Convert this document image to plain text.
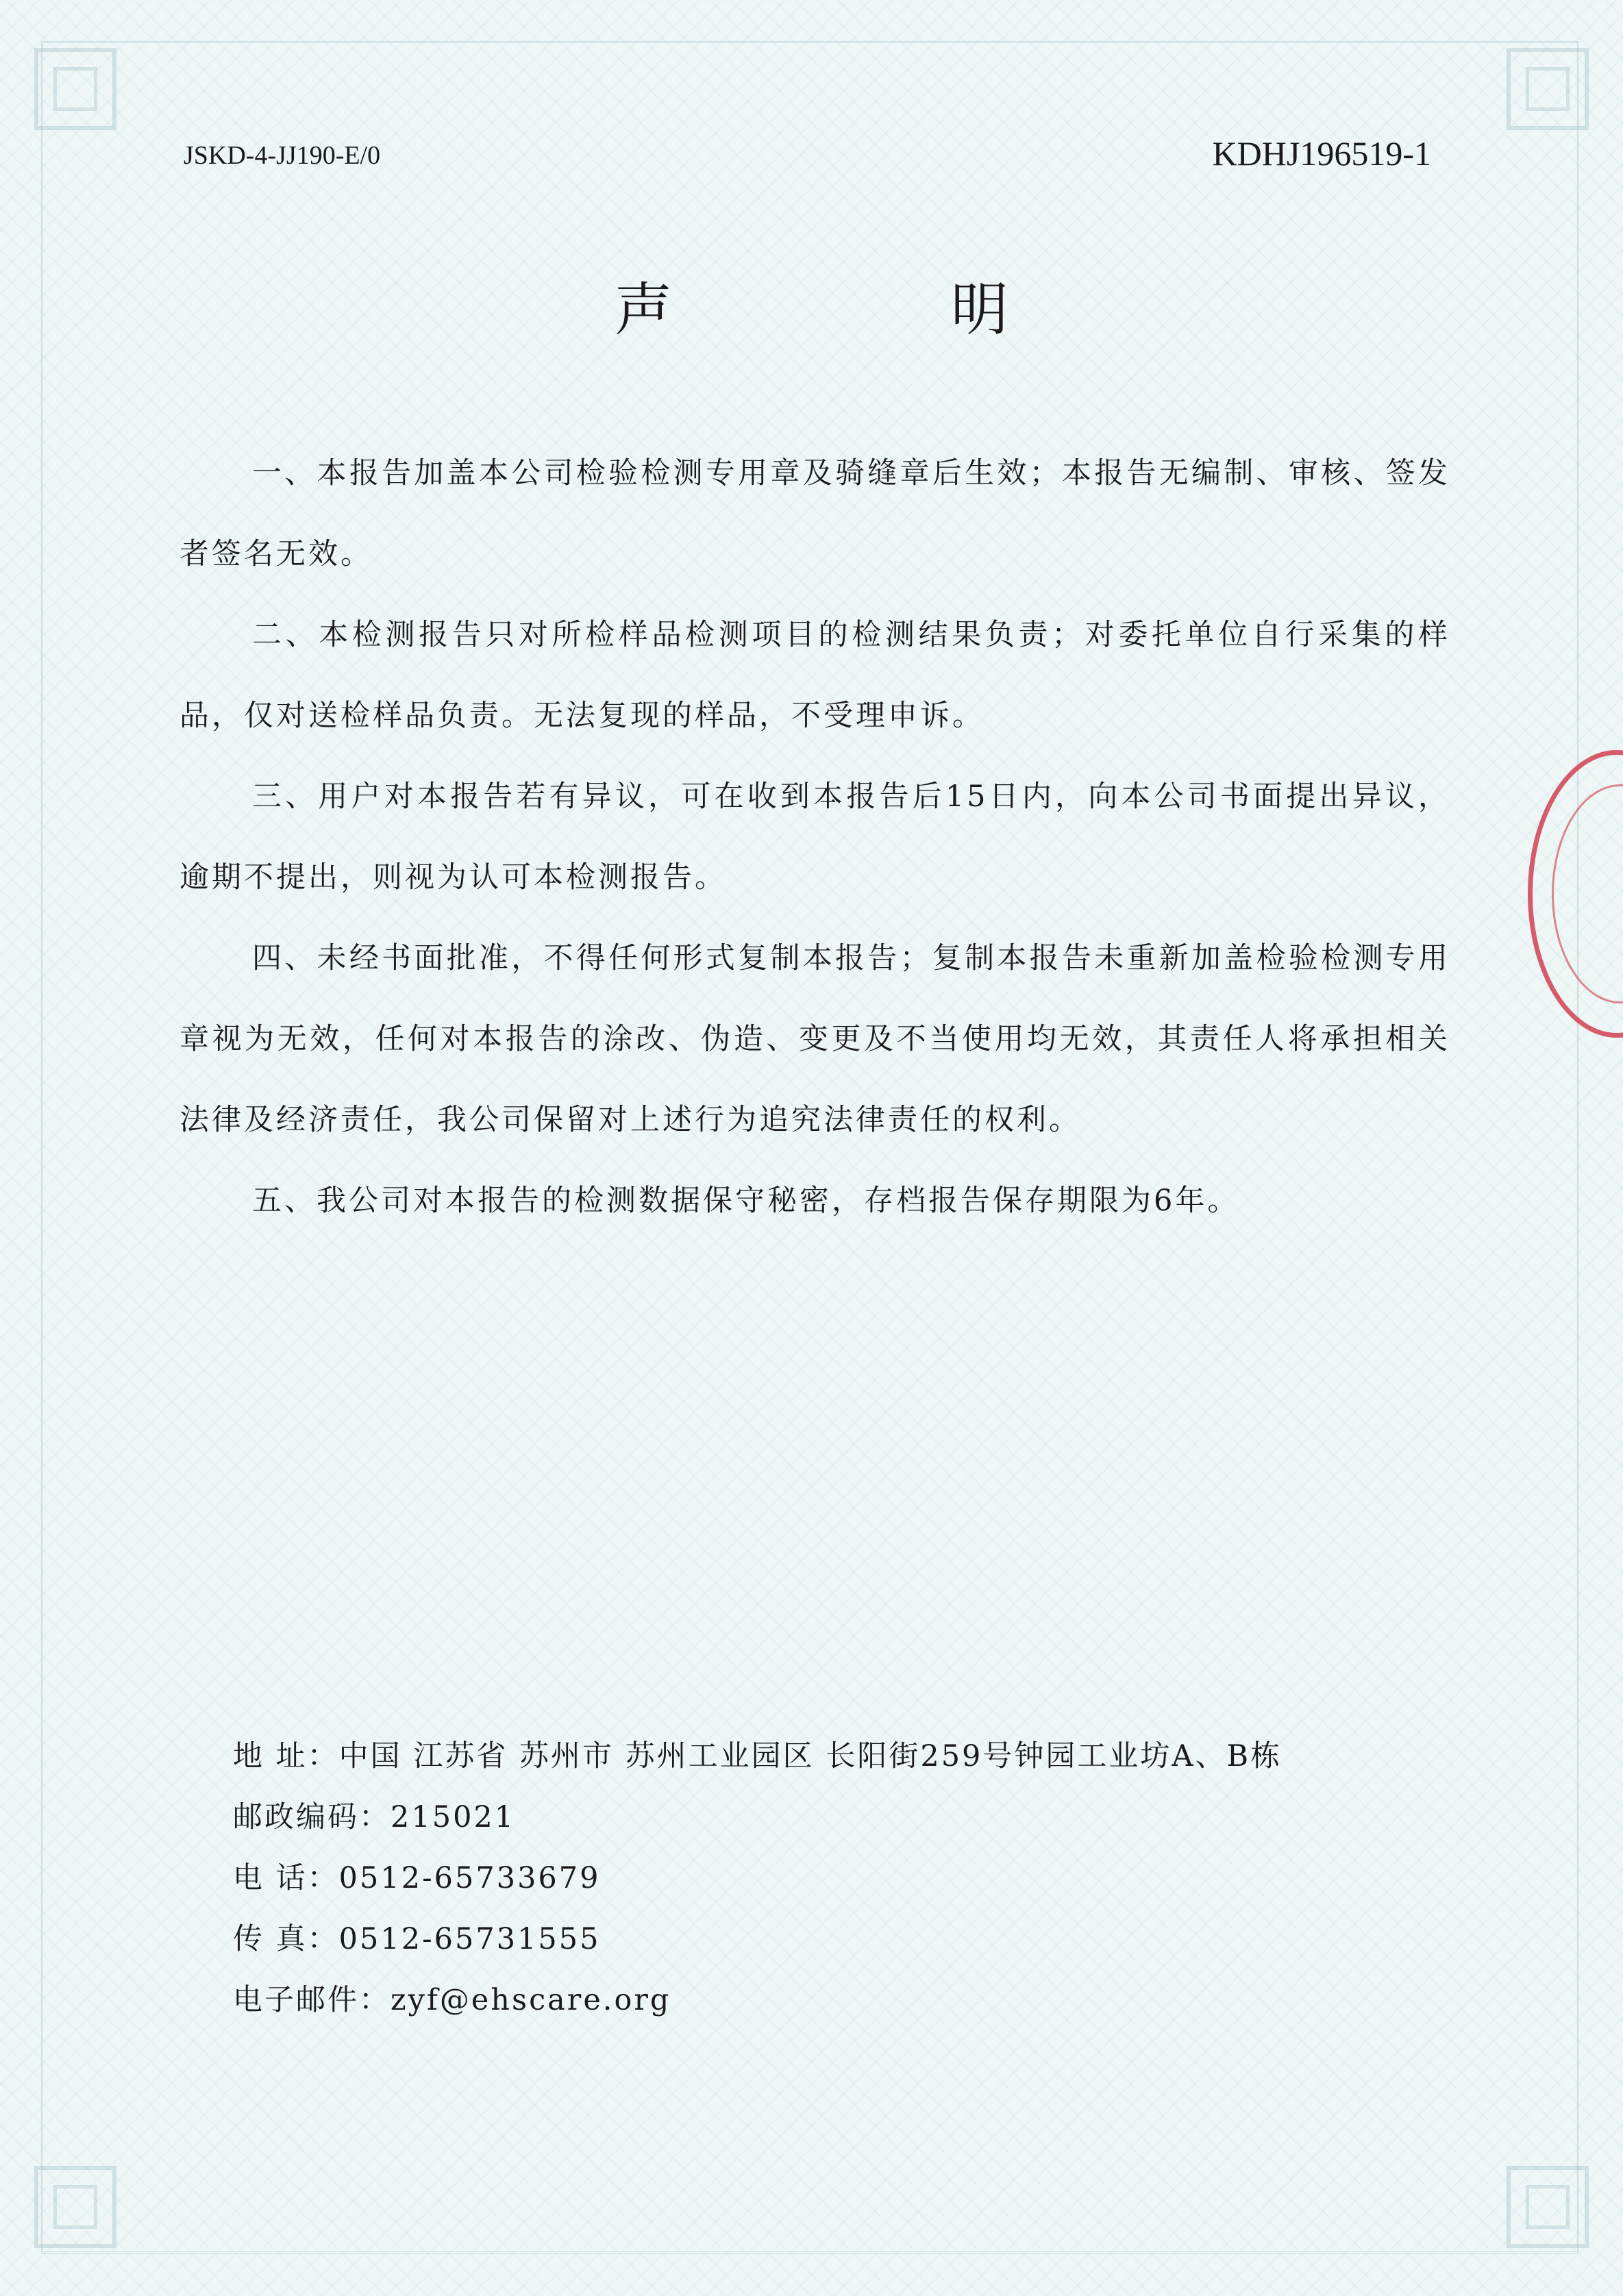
JSKD-4-JJ190-E/0	KDHJ196519-1
声 明

一、本报告加盖本公司检验检测专用章及骑缝章后生效；本报告无编制、审核、签发者签名无效。

二、本检测报告只对所检样品检测项目的检测结果负责；对委托单位自行采集的样品，仅对送检样品负责。无法复现的样品，不受理申诉。

三、用户对本报告若有异议，可在收到本报告后15日内，向本公司书面提出异议，逾期不提出，则视为认可本检测报告。

四、未经书面批准，不得任何形式复制本报告；复制本报告未重新加盖检验检测专用章视为无效，任何对本报告的涂改、伪造、变更及不当使用均无效，其责任人将承担相关法律及经济责任，我公司保留对上述行为追究法律责任的权利。

五、我公司对本报告的检测数据保守秘密，存档报告保存期限为6年。

地 址：中国 江苏省 苏州市 苏州工业园区 长阳街259号钟园工业坊A、B栋
邮政编码：215021
电 话：0512-65733679
传 真：0512-65731555
电子邮件：zyf@ehscare.org
